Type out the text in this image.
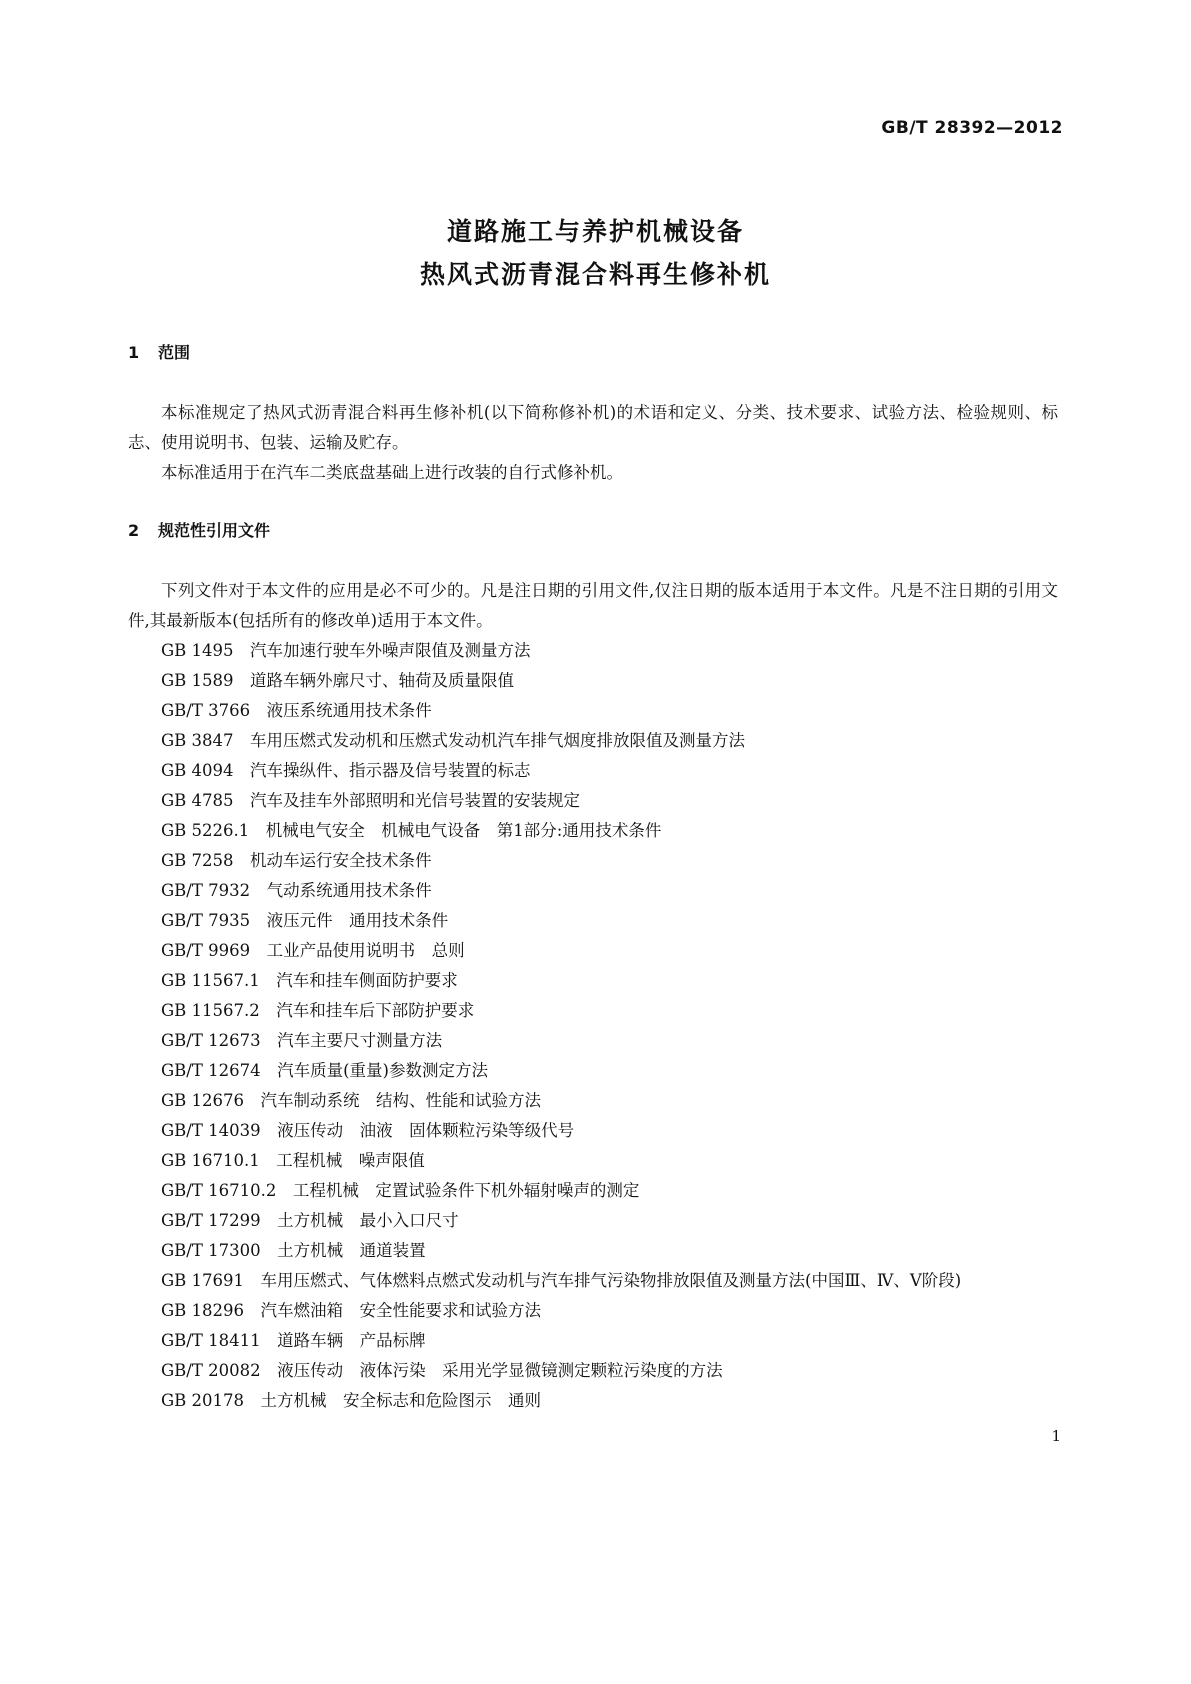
GB/T 28392—2012
道路施工与养护机械设备
热风式沥青混合料再生修补机
1 范围

本标准规定了热风式沥青混合料再生修补机(以下简称修补机)的术语和定义、分类、技术要求、试验方法、检验规则、标志、使用说明书、包装、运输及贮存。

本标准适用于在汽车二类底盘基础上进行改装的自行式修补机。

2 规范性引用文件

下列文件对于本文件的应用是必不可少的。凡是注日期的引用文件,仅注日期的版本适用于本文件。凡是不注日期的引用文件,其最新版本(包括所有的修改单)适用于本文件。

GB 1495 汽车加速行驶车外噪声限值及测量方法

GB 1589 道路车辆外廓尺寸、轴荷及质量限值

GB/T 3766 液压系统通用技术条件

GB 3847 车用压燃式发动机和压燃式发动机汽车排气烟度排放限值及测量方法

GB 4094 汽车操纵件、指示器及信号装置的标志

GB 4785 汽车及挂车外部照明和光信号装置的安装规定

GB 5226.1 机械电气安全　机械电气设备　第1部分:通用技术条件

GB 7258 机动车运行安全技术条件

GB/T 7932 气动系统通用技术条件

GB/T 7935 液压元件　通用技术条件

GB/T 9969 工业产品使用说明书　总则

GB 11567.1 汽车和挂车侧面防护要求

GB 11567.2 汽车和挂车后下部防护要求

GB/T 12673 汽车主要尺寸测量方法

GB/T 12674 汽车质量(重量)参数测定方法

GB 12676 汽车制动系统　结构、性能和试验方法

GB/T 14039 液压传动　油液　固体颗粒污染等级代号

GB 16710.1 工程机械　噪声限值

GB/T 16710.2 工程机械　定置试验条件下机外辐射噪声的测定

GB/T 17299 土方机械　最小入口尺寸

GB/T 17300 土方机械　通道装置

GB 17691 车用压燃式、气体燃料点燃式发动机与汽车排气污染物排放限值及测量方法(中国Ⅲ、Ⅳ、Ⅴ阶段)

GB 18296 汽车燃油箱　安全性能要求和试验方法

GB/T 18411 道路车辆　产品标牌

GB/T 20082 液压传动　液体污染　采用光学显微镜测定颗粒污染度的方法

GB 20178 土方机械　安全标志和危险图示　通则

1
